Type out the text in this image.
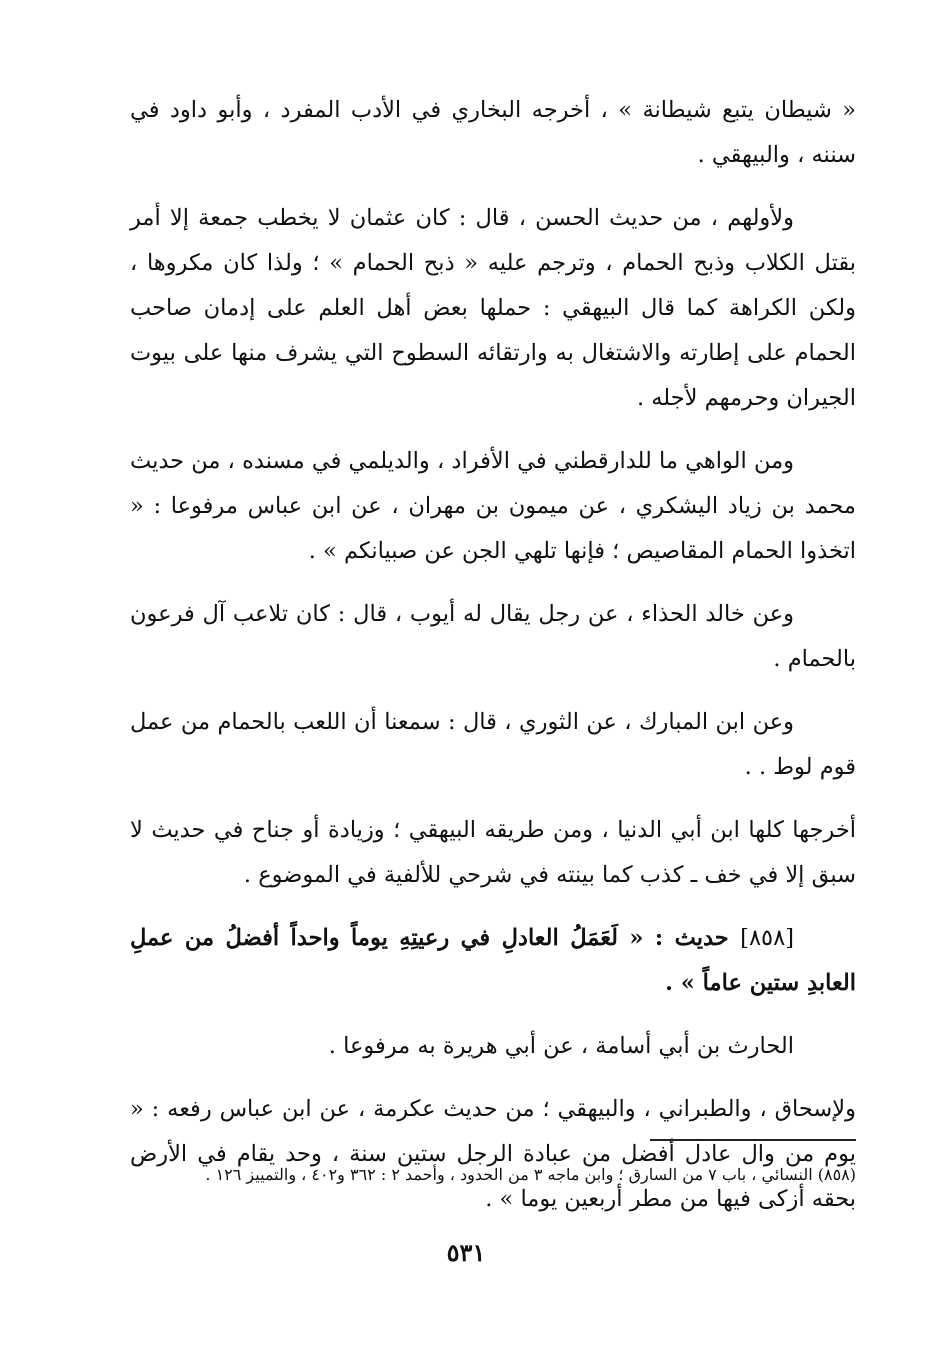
« شيطان يتبع شيطانة » ، أخرجه البخاري في الأدب المفرد ، وأبو داود في سننه ، والبيهقي .

ولأولهم ، من حديث الحسن ، قال : كان عثمان لا يخطب جمعة إلا أمر بقتل الكلاب وذبح الحمام ، وترجم عليه « ذبح الحمام » ؛ ولذا كان مكروها ، ولكن الكراهة كما قال البيهقي : حملها بعض أهل العلم على إدمان صاحب الحمام على إطارته والاشتغال به وارتقائه السطوح التي يشرف منها على بيوت الجيران وحرمهم لأجله .

ومن الواهي ما للدارقطني في الأفراد ، والديلمي في مسنده ، من حديث محمد بن زياد اليشكري ، عن ميمون بن مهران ، عن ابن عباس مرفوعا : « اتخذوا الحمام المقاصيص ؛ فإنها تلهي الجن عن صبيانكم » .

وعن خالد الحذاء ، عن رجل يقال له أيوب ، قال : كان تلاعب آل فرعون بالحمام .

وعن ابن المبارك ، عن الثوري ، قال : سمعنا أن اللعب بالحمام من عمل قوم لوط . .

أخرجها كلها ابن أبي الدنيا ، ومن طريقه البيهقي ؛ وزيادة أو جناح في حديث لا سبق إلا في خف ـ كذب كما بينته في شرحي للألفية في الموضوع .

[٨٥٨] حديث : « لَعَمَلُ العادلِ في رعيتِهِ يوماً واحداً أفضلُ من عملِ العابدِ ستين عاماً » .

الحارث بن أبي أسامة ، عن أبي هريرة به مرفوعا .

ولإسحاق ، والطبراني ، والبيهقي ؛ من حديث عكرمة ، عن ابن عباس رفعه : « يوم من وال عادل أفضل من عبادة الرجل ستين سنة ، وحد يقام في الأرض بحقه أزكى فيها من مطر أربعين يوما » .

(٨٥٨) النسائي ، باب ٧ من السارق ؛ وابن ماجه ٣ من الحدود ، وأحمد ٢ : ٣٦٢ و٤٠٢ ، والتمييز ١٢٦ .
٥٣١
